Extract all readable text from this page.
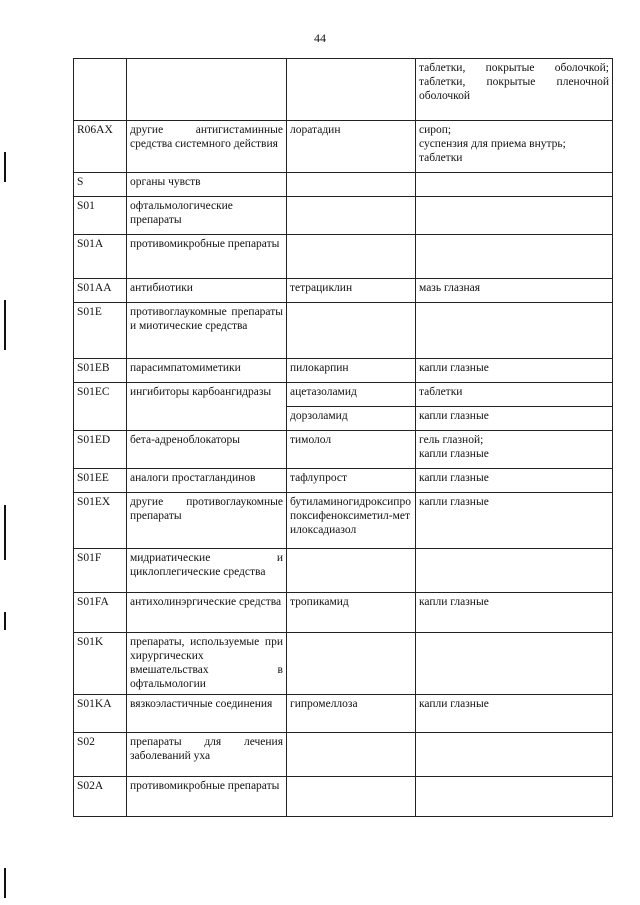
44
			таблетки, покрытые оболочкой; таблетки, покрытые пленочной оболочкой
R06AX	другие антигистаминные средства системного действия	лоратадин	сироп;
суспензия для приема внутрь;
таблетки
S	органы чувств		
S01	офтальмологические препараты		
S01A	противомикробные препараты		
S01AA	антибиотики	тетрациклин	мазь глазная
S01E	противоглаукомные препараты и миотические средства		
S01EB	парасимпатомиметики	пилокарпин	капли глазные
S01EC	ингибиторы карбоангидразы	ацетазоламид	таблетки
		дорзоламид	капли глазные
S01ED	бета-адреноблокаторы	тимолол	гель глазной;
капли глазные
S01EE	аналоги простагландинов	тафлупрост	капли глазные
S01EX	другие противоглаукомные препараты	бутиламиногидроксипропоксифеноксиметил-метилоксадиазол	капли глазные
S01F	мидриатические и циклоплегические средства		
S01FA	антихолинэргические средства	тропикамид	капли глазные
S01K	препараты, используемые при хирургических вмешательствах в офтальмологии		
S01KA	вязкоэластичные соединения	гипромеллоза	капли глазные
S02	препараты для лечения заболеваний уха		
S02A	противомикробные препараты		
